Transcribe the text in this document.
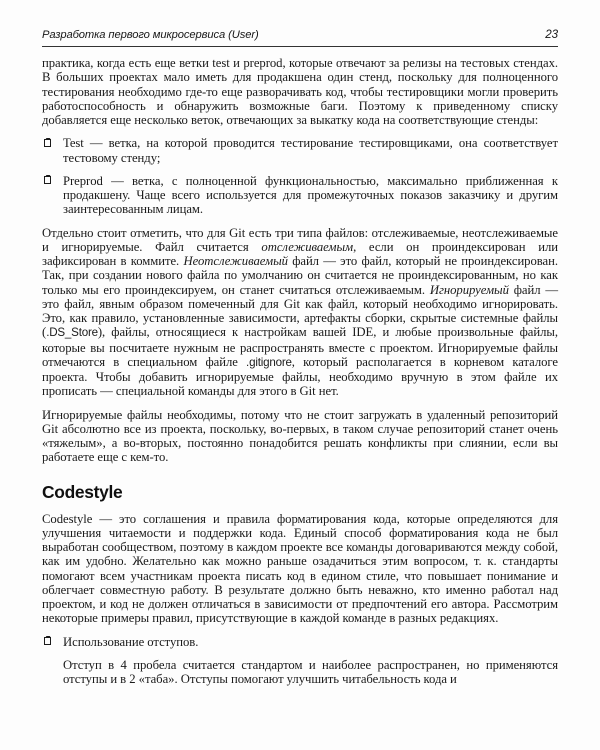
Разработка первого микросервиса (User)	23

практика, когда есть еще ветки test и preprod, которые отвечают за релизы на тестовых стендах. В больших проектах мало иметь для продакшена один стенд, поскольку для полноценного тестирования необходимо где-то еще разворачивать код, чтобы тестировщики могли проверить работоспособность и обнаружить возможные баги. Поэтому к приведенному списку добавляется еще несколько веток, отвечающих за выкатку кода на соответствующие стенды:

Test — ветка, на которой проводится тестирование тестировщиками, она соответствует тестовому стенду;
Preprod — ветка, с полноценной функциональностью, максимально приближенная к продакшену. Чаще всего используется для промежуточных показов заказчику и другим заинтересованным лицам.

Отдельно стоит отметить, что для Git есть три типа файлов: отслеживаемые, неотслеживаемые и игнорируемые. Файл считается отслеживаемым, если он проиндексирован или зафиксирован в коммите. Неотслеживаемый файл — это файл, который не проиндексирован. Так, при создании нового файла по умолчанию он считается не проиндексированным, но как только мы его проиндексируем, он станет считаться отслеживаемым. Игнорируемый файл — это файл, явным образом помеченный для Git как файл, который необходимо игнорировать. Это, как правило, установленные зависимости, артефакты сборки, скрытые системные файлы (.DS_Store), файлы, относящиеся к настройкам вашей IDE, и любые произвольные файлы, которые вы посчитаете нужным не распространять вместе с проектом. Игнорируемые файлы отмечаются в специальном файле .gitignore, который располагается в корневом каталоге проекта. Чтобы добавить игнорируемые файлы, необходимо вручную в этом файле их прописать — специальной команды для этого в Git нет.

Игнорируемые файлы необходимы, потому что не стоит загружать в удаленный репозиторий Git абсолютно все из проекта, поскольку, во-первых, в таком случае репозиторий станет очень «тяжелым», а во-вторых, постоянно понадобится решать конфликты при слиянии, если вы работаете еще с кем-то.

Codestyle

Codestyle — это соглашения и правила форматирования кода, которые определяются для улучшения читаемости и поддержки кода. Единый способ форматирования кода не был выработан сообществом, поэтому в каждом проекте все команды договариваются между собой, как им удобно. Желательно как можно раньше озадачиться этим вопросом, т. к. стандарты помогают всем участникам проекта писать код в едином стиле, что повышает понимание и облегчает совместную работу. В результате должно быть неважно, кто именно работал над проектом, и код не должен отличаться в зависимости от предпочтений его автора. Рассмотрим некоторые примеры правил, присутствующие в каждой команде в разных редакциях.

Использование отступов.

Отступ в 4 пробела считается стандартом и наиболее распространен, но применяются отступы и в 2 «таба». Отступы помогают улучшить читабельность кода и
